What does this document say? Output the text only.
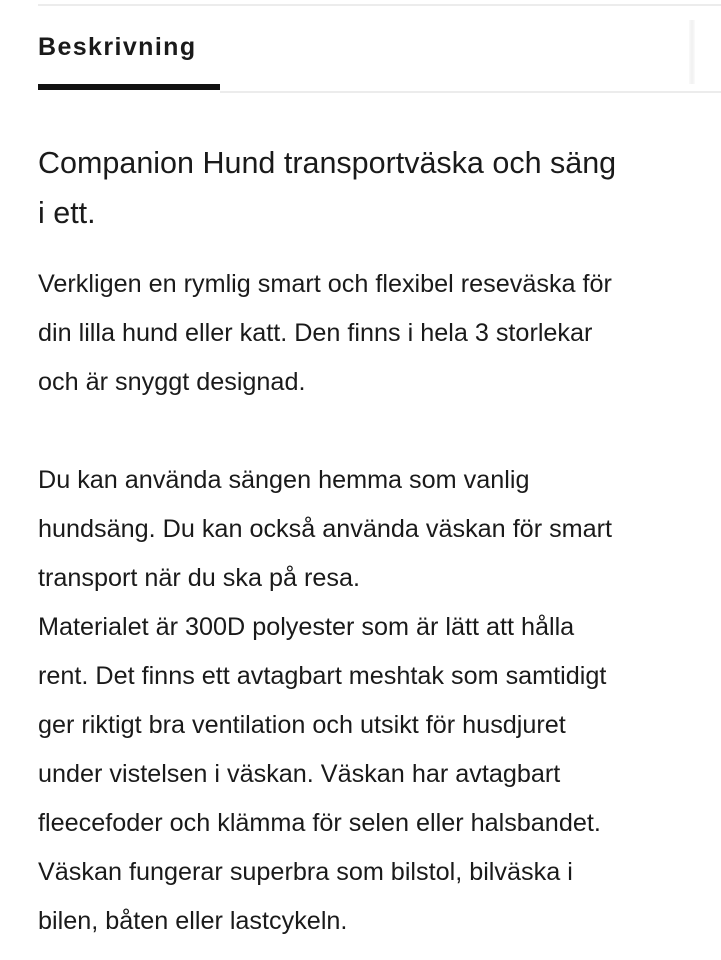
Beskrivning
Companion Hund transportväska och säng
i ett.

Verkligen en rymlig smart och flexibel reseväska för
din lilla hund eller katt. Den finns i hela 3 storlekar
och är snyggt designad.

Du kan använda sängen hemma som vanlig
hundsäng. Du kan också använda väskan för smart
transport när du ska på resa.
Materialet är 300D polyester som är lätt att hålla
rent. Det finns ett avtagbart meshtak som samtidigt
ger riktigt bra ventilation och utsikt för husdjuret
under vistelsen i väskan. Väskan har avtagbart
fleecefoder och klämma för selen eller halsbandet.
Väskan fungerar superbra som bilstol, bilväska i
bilen, båten eller lastcykeln.
